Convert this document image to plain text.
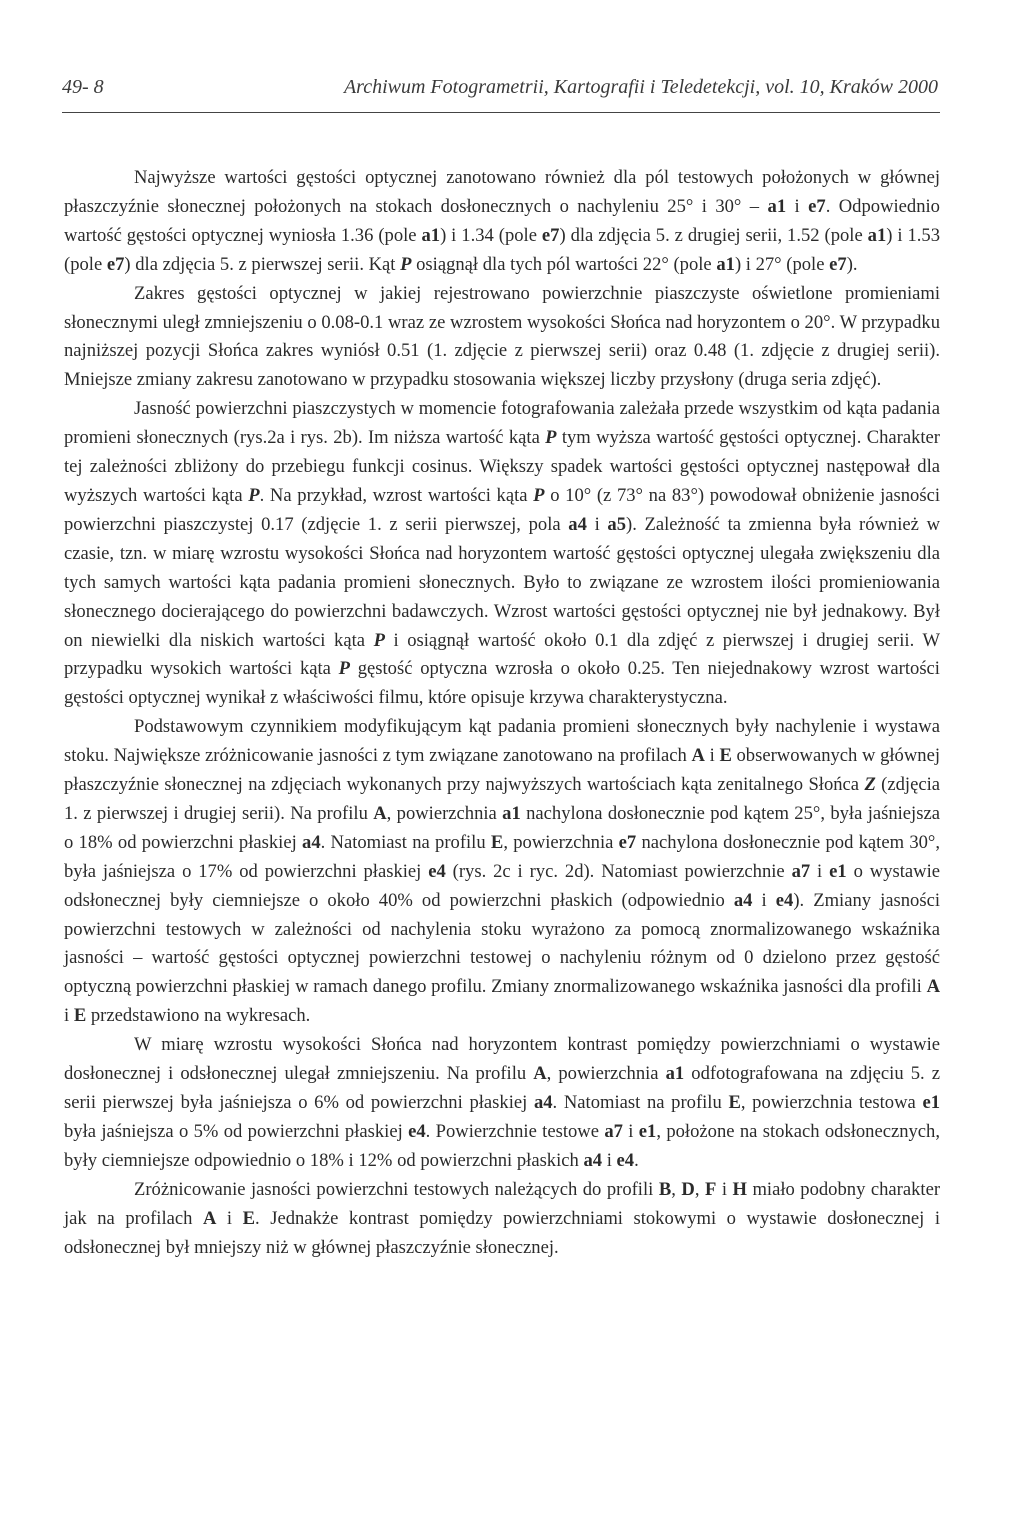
49- 8	Archiwum Fotogrametrii, Kartografii i Teledetekcji, vol. 10, Kraków 2000

Najwyższe wartości gęstości optycznej zanotowano również dla pól testowych położonych w głównej płaszczyźnie słonecznej położonych na stokach dosłonecznych o nachyleniu 25° i 30° – a1 i e7. Odpowiednio wartość gęstości optycznej wyniosła 1.36 (pole a1) i 1.34 (pole e7) dla zdjęcia 5. z drugiej serii, 1.52 (pole a1) i 1.53 (pole e7) dla zdjęcia 5. z pierwszej serii. Kąt P osiągnął dla tych pól wartości 22° (pole a1) i 27° (pole e7).

Zakres gęstości optycznej w jakiej rejestrowano powierzchnie piaszczyste oświetlone promieniami słonecznymi uległ zmniejszeniu o 0.08-0.1 wraz ze wzrostem wysokości Słońca nad horyzontem o 20°. W przypadku najniższej pozycji Słońca zakres wyniósł 0.51 (1. zdjęcie z pierwszej serii) oraz 0.48 (1. zdjęcie z drugiej serii). Mniejsze zmiany zakresu zanotowano w przypadku stosowania większej liczby przysłony (druga seria zdjęć).

Jasność powierzchni piaszczystych w momencie fotografowania zależała przede wszystkim od kąta padania promieni słonecznych (rys.2a i rys. 2b). Im niższa wartość kąta P tym wyższa wartość gęstości optycznej. Charakter tej zależności zbliżony do przebiegu funkcji cosinus. Większy spadek wartości gęstości optycznej następował dla wyższych wartości kąta P. Na przykład, wzrost wartości kąta P o 10° (z 73° na 83°) powodował obniżenie jasności powierzchni piaszczystej 0.17 (zdjęcie 1. z serii pierwszej, pola a4 i a5). Zależność ta zmienna była również w czasie, tzn. w miarę wzrostu wysokości Słońca nad horyzontem wartość gęstości optycznej ulegała zwiększeniu dla tych samych wartości kąta padania promieni słonecznych. Było to związane ze wzrostem ilości promieniowania słonecznego docierającego do powierzchni badawczych. Wzrost wartości gęstości optycznej nie był jednakowy. Był on niewielki dla niskich wartości kąta P i osiągnął wartość około 0.1 dla zdjęć z pierwszej i drugiej serii. W przypadku wysokich wartości kąta P gęstość optyczna wzrosła o około 0.25. Ten niejednakowy wzrost wartości gęstości optycznej wynikał z właściwości filmu, które opisuje krzywa charakterystyczna.

Podstawowym czynnikiem modyfikującym kąt padania promieni słonecznych były nachylenie i wystawa stoku. Największe zróżnicowanie jasności z tym związane zanotowano na profilach A i E obserwowanych w głównej płaszczyźnie słonecznej na zdjęciach wykonanych przy najwyższych wartościach kąta zenitalnego Słońca Z (zdjęcia 1. z pierwszej i drugiej serii). Na profilu A, powierzchnia a1 nachylona dosłonecznie pod kątem 25°, była jaśniejsza o 18% od powierzchni płaskiej a4. Natomiast na profilu E, powierzchnia e7 nachylona dosłonecznie pod kątem 30°, była jaśniejsza o 17% od powierzchni płaskiej e4 (rys. 2c i ryc. 2d). Natomiast powierzchnie a7 i e1 o wystawie odsłonecznej były ciemniejsze o około 40% od powierzchni płaskich (odpowiednio a4 i e4). Zmiany jasności powierzchni testowych w zależności od nachylenia stoku wyrażono za pomocą znormalizowanego wskaźnika jasności – wartość gęstości optycznej powierzchni testowej o nachyleniu różnym od 0 dzielono przez gęstość optyczną powierzchni płaskiej w ramach danego profilu. Zmiany znormalizowanego wskaźnika jasności dla profili A i E przedstawiono na wykresach.

W miarę wzrostu wysokości Słońca nad horyzontem kontrast pomiędzy powierzchniami o wystawie dosłonecznej i odsłonecznej ulegał zmniejszeniu. Na profilu A, powierzchnia a1 odfotografowana na zdjęciu 5. z serii pierwszej była jaśniejsza o 6% od powierzchni płaskiej a4. Natomiast na profilu E, powierzchnia testowa e1 była jaśniejsza o 5% od powierzchni płaskiej e4. Powierzchnie testowe a7 i e1, położone na stokach odsłonecznych, były ciemniejsze odpowiednio o 18% i 12% od powierzchni płaskich a4 i e4.

Zróżnicowanie jasności powierzchni testowych należących do profili B, D, F i H miało podobny charakter jak na profilach A i E. Jednakże kontrast pomiędzy powierzchniami stokowymi o wystawie dosłonecznej i odsłonecznej był mniejszy niż w głównej płaszczyźnie słonecznej.
